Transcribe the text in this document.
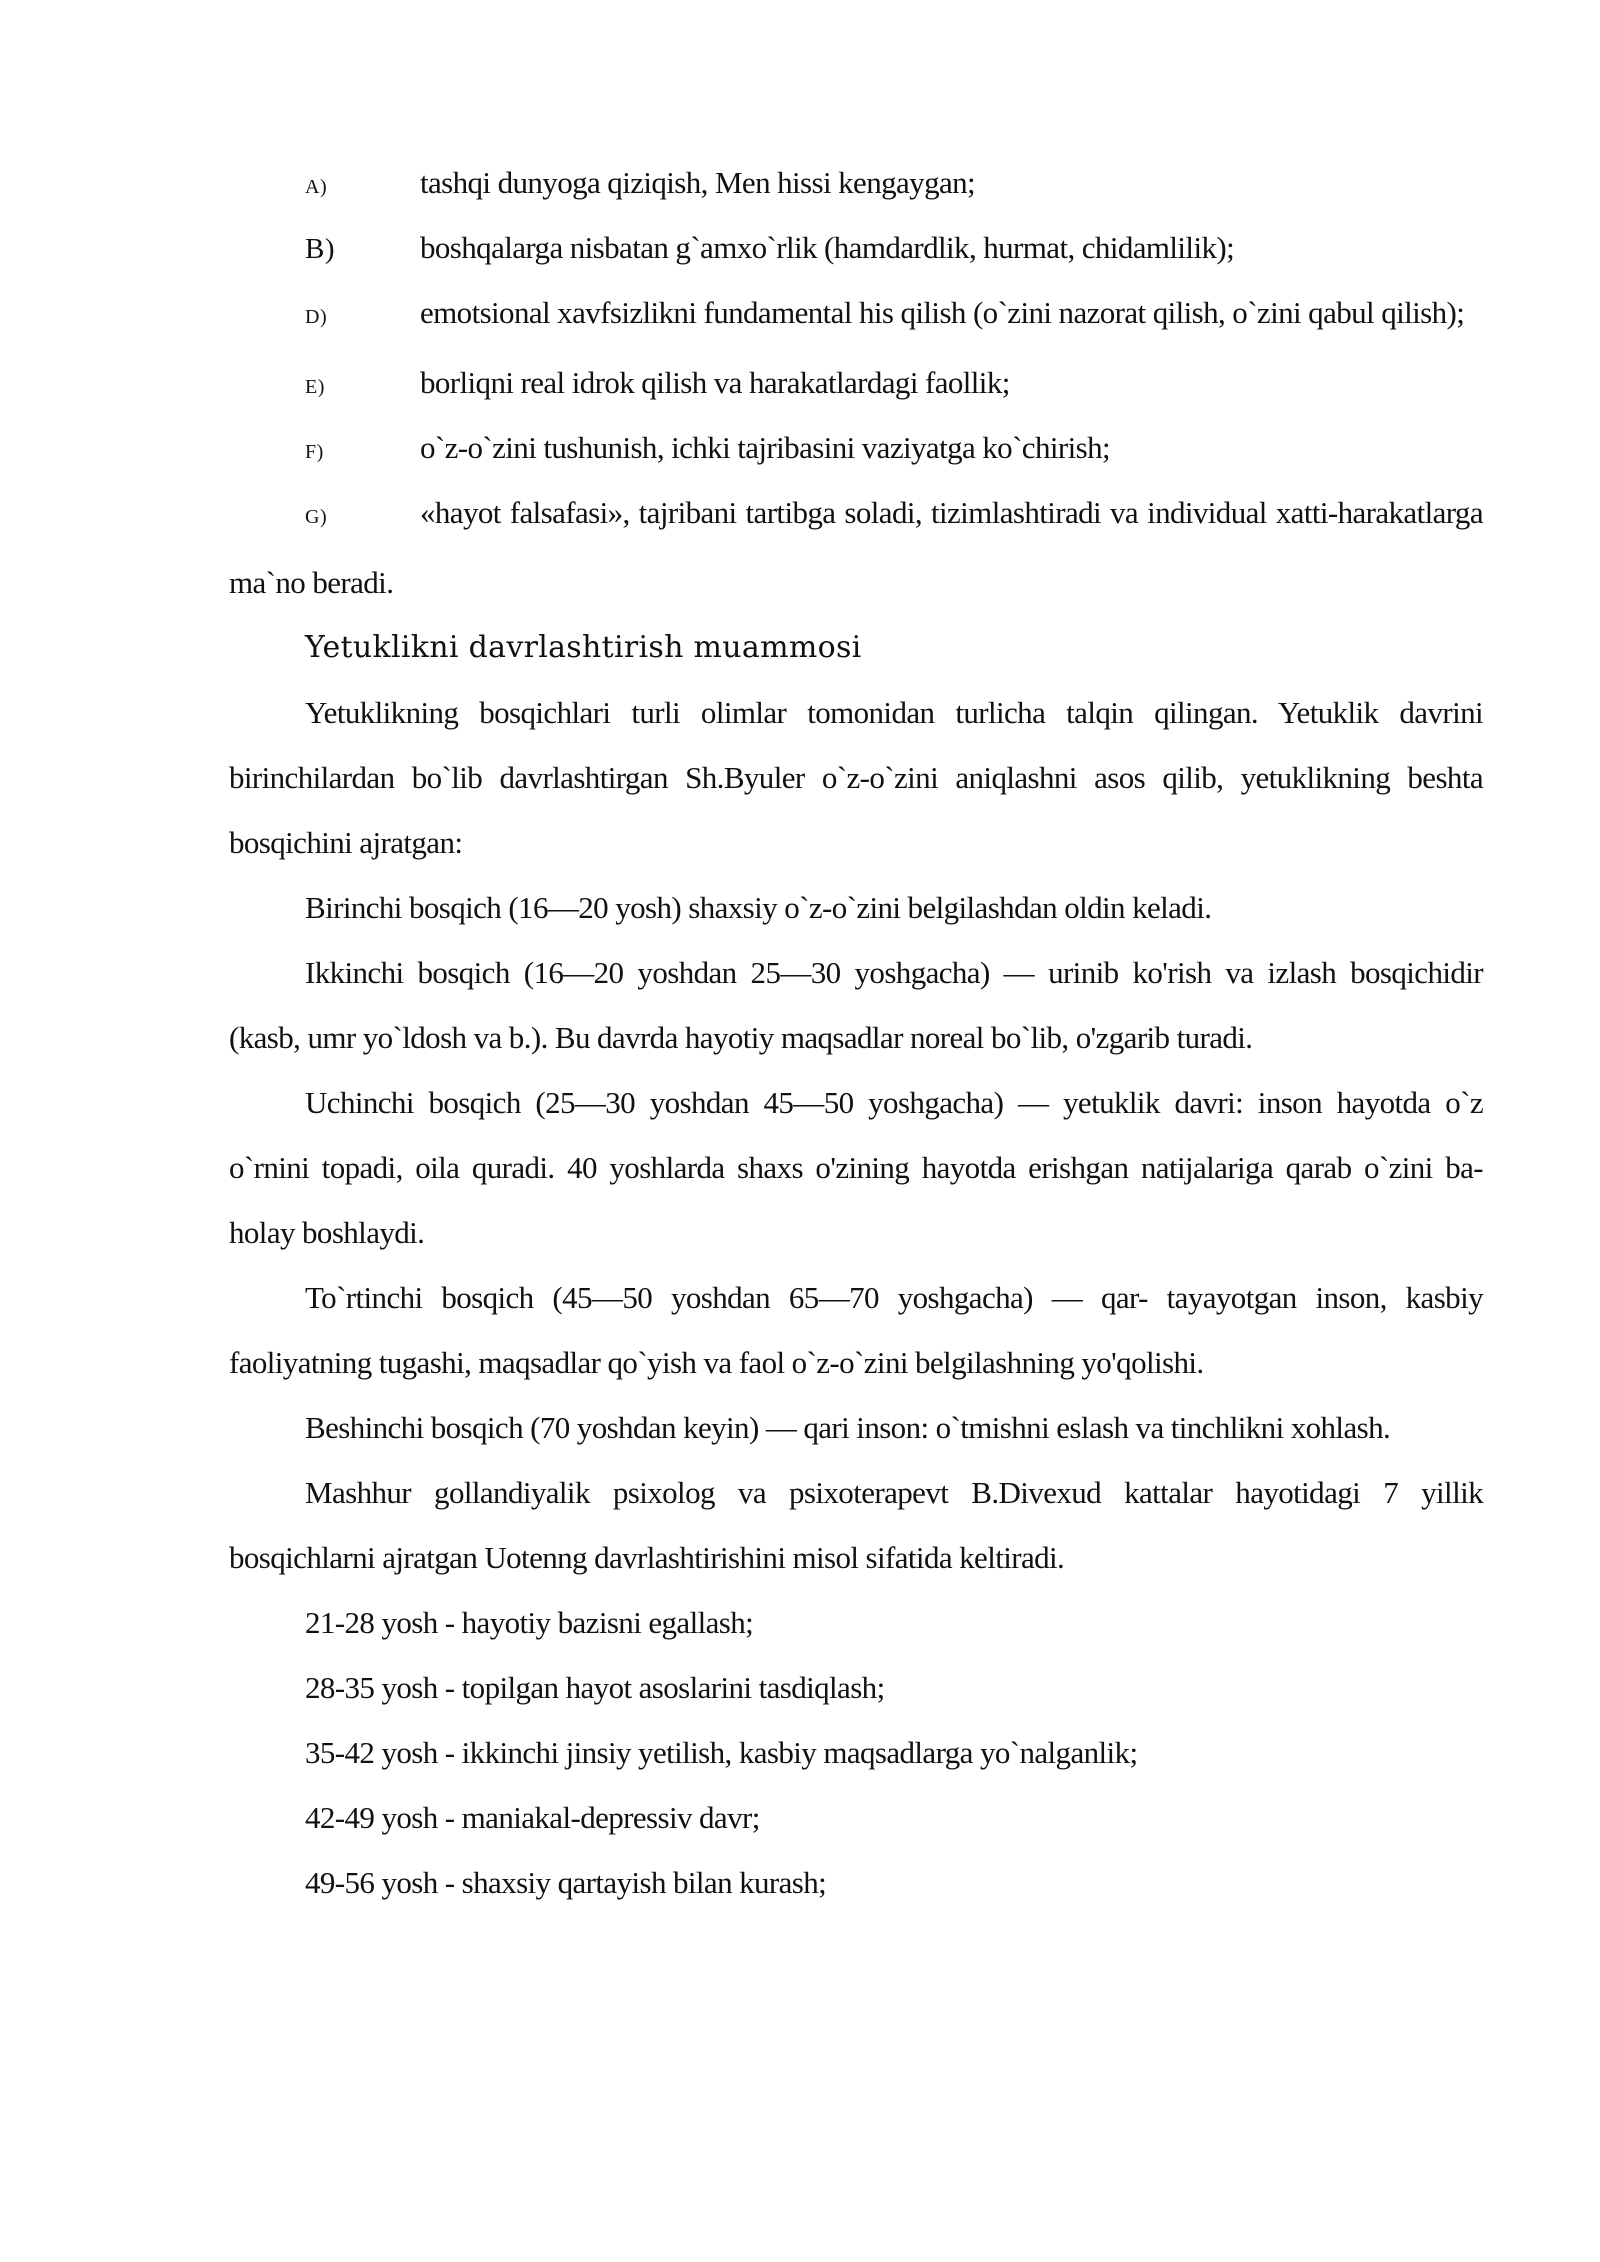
A)	tashqi dunyoga qiziqish, Men hissi kengaygan;
B)	boshqalarga nisbatan g`amxo`rlik (hamdardlik, hurmat, chidamlilik);
D)	emotsional xavfsizlikni fundamental his qilish (o`zini nazorat qilish, o`zini qabul qilish);
E)	borliqni real idrok qilish va harakatlardagi faollik;
F)	o`z-o`zini tushunish, ichki tajribasini vaziyatga ko`chirish;
G)	«hayot falsafasi», tajribani tartibga soladi, tizimlashtiradi va individual xatti-harakatlarga ma`no beradi.
Yetuklikni davrlashtirish muammosi

Yetuklikning bosqichlari turli olimlar tomonidan turlicha talqin qilingan. Yetuklik davrini birinchilardan bo`lib davrlashtirgan Sh.Byuler o`z-o`zini aniqlashni asos qilib, yetuklikning beshta bosqichini ajratgan:

Birinchi bosqich (16—20 yosh) shaxsiy o`z-o`zini belgilashdan oldin keladi.

Ikkinchi bosqich (16—20 yoshdan 25—30 yoshgacha) — urinib ko'rish va izlash bosqichidir (kasb, umr yo`ldosh va b.). Bu davrda hayotiy maqsadlar noreal bo`lib, o'zgarib turadi.

Uchinchi bosqich (25—30 yoshdan 45—50 yoshgacha) — yetuklik davri: inson hayotda o`z o`rnini topadi, oila quradi. 40 yoshlarda shaxs o'zining hayotda erishgan natijalariga qarab o`zini ba- holay boshlaydi.

To`rtinchi bosqich (45—50 yoshdan 65—70 yoshgacha) — qar- tayayotgan inson, kasbiy faoliyatning tugashi, maqsadlar qo`yish va faol o`z-o`zini belgilashning yo'qolishi.

Beshinchi bosqich (70 yoshdan keyin) — qari inson: o`tmishni eslash va tinchlikni xohlash.

Mashhur gollandiyalik psixolog va psixoterapevt B.Divexud kattalar hayotidagi 7 yillik bosqichlarni ajratgan Uotenng davrlashtirishini misol sifatida keltiradi.

21-28 yosh - hayotiy bazisni egallash;
28-35 yosh - topilgan hayot asoslarini tasdiqlash;
35-42 yosh - ikkinchi jinsiy yetilish, kasbiy maqsadlarga yo`nalganlik;
42-49 yosh - maniakal-depressiv davr;
49-56 yosh - shaxsiy qartayish bilan kurash;
